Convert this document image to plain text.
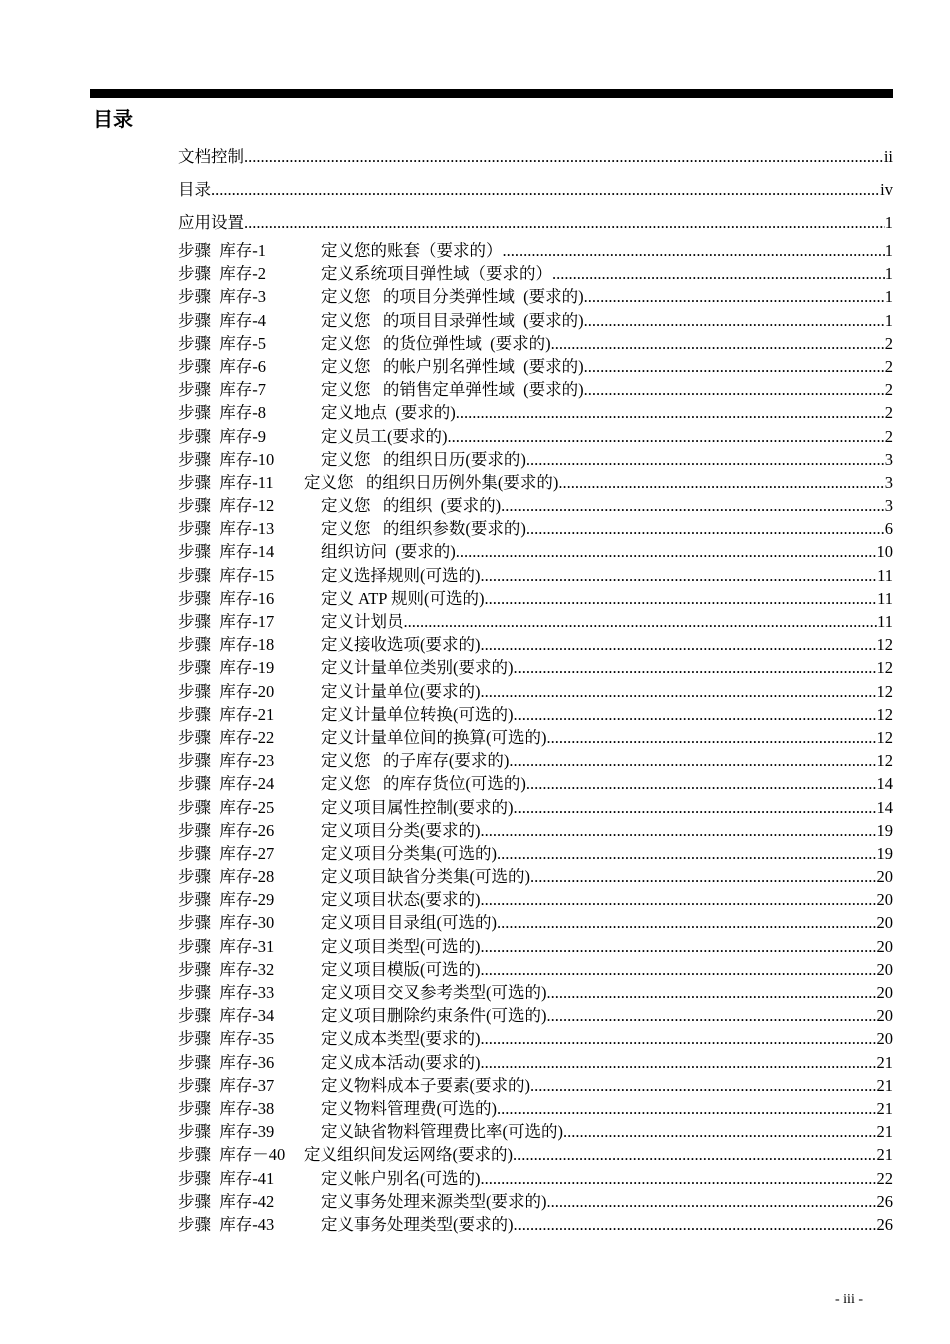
目录
文档控制 .....	ii
目录 .....	iv
应用设置 .....	1
步骤  库存-1	定义您的账套（要求的） .....	1
步骤  库存-2	定义系统项目弹性域（要求的） .....	1
步骤  库存-3	定义您   的项目分类弹性域  (要求的) .....	1
步骤  库存-4	定义您   的项目目录弹性域  (要求的) .....	1
步骤  库存-5	定义您   的货位弹性域  (要求的) .....	2
步骤  库存-6	定义您   的帐户别名弹性域  (要求的) .....	2
步骤  库存-7	定义您   的销售定单弹性域  (要求的) .....	2
步骤  库存-8	定义地点  (要求的) .....	2
步骤  库存-9	定义员工(要求的) .....	2
步骤  库存-10	定义您   的组织日历(要求的) .....	3
步骤  库存-11	定义您   的组织日历例外集(要求的) .....	3
步骤  库存-12	定义您   的组织  (要求的) .....	3
步骤  库存-13	定义您   的组织参数(要求的) .....	6
步骤  库存-14	组织访问  (要求的) .....	10
步骤  库存-15	定义选择规则(可选的) .....	11
步骤  库存-16	定义 ATP 规则(可选的) .....	11
步骤  库存-17	定义计划员 .....	11
步骤  库存-18	定义接收选项(要求的) .....	12
步骤  库存-19	定义计量单位类别(要求的) .....	12
步骤  库存-20	定义计量单位(要求的) .....	12
步骤  库存-21	定义计量单位转换(可选的) .....	12
步骤  库存-22	定义计量单位间的换算(可选的) .....	12
步骤  库存-23	定义您   的子库存(要求的) .....	12
步骤  库存-24	定义您   的库存货位(可选的) .....	14
步骤  库存-25	定义项目属性控制(要求的) .....	14
步骤  库存-26	定义项目分类(要求的) .....	19
步骤  库存-27	定义项目分类集(可选的) .....	19
步骤  库存-28	定义项目缺省分类集(可选的) .....	20
步骤  库存-29	定义项目状态(要求的) .....	20
步骤  库存-30	定义项目目录组(可选的) .....	20
步骤  库存-31	定义项目类型(可选的) .....	20
步骤  库存-32	定义项目模版(可选的) .....	20
步骤  库存-33	定义项目交叉参考类型(可选的) .....	20
步骤  库存-34	定义项目删除约束条件(可选的) .....	20
步骤  库存-35	定义成本类型(要求的) .....	20
步骤  库存-36	定义成本活动(要求的) .....	21
步骤  库存-37	定义物料成本子要素(要求的) .....	21
步骤  库存-38	定义物料管理费(可选的) .....	21
步骤  库存-39	定义缺省物料管理费比率(可选的) .....	21
步骤  库存－40	定义组织间发运网络(要求的) .....	21
步骤  库存-41	定义帐户别名(可选的) .....	22
步骤  库存-42	定义事务处理来源类型(要求的) .....	26
步骤  库存-43	定义事务处理类型(要求的) .....	26
- iii -
